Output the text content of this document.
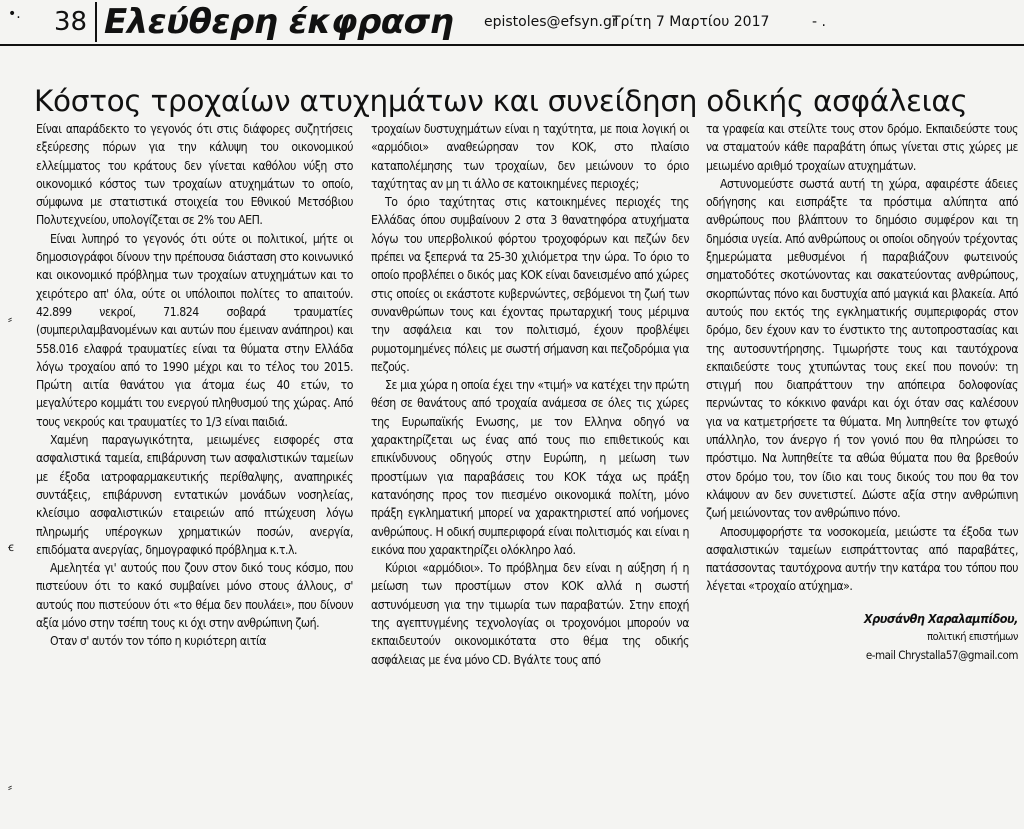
•. 38 Ελεύθερη έκφραση epistoles@efsyn.gr
Τρίτη 7 Μαρτίου 2017	- .
Κόστος τροχαίων ατυχημάτων και συνείδηση οδικής ασφάλειας

Είναι απαράδεκτο το γεγονός ότι στις διάφορες συζητήσεις εξεύρεσης πόρων για την κάλυψη του οικονομικού ελλείμματος του κράτους δεν γίνεται καθόλου νύξη στο οικονομικό κόστος των τροχαίων ατυχημάτων το οποίο, σύμφωνα με στατιστικά στοιχεία του Εθνικού Μετσόβιου Πολυτεχνείου, υπολογίζεται σε 2% του ΑΕΠ.

Είναι λυπηρό το γεγονός ότι ούτε οι πολιτικοί, μήτε οι δημοσιογράφοι δίνουν την πρέπουσα διάσταση στο κοινωνικό και οικονομικό πρόβλημα των τροχαίων ατυχημάτων και το χειρότερο απ' όλα, ούτε οι υπόλοιποι πολίτες το απαιτούν. 42.899 νεκροί, 71.824 σοβαρά τραυματίες (συμπεριλαμβανομένων και αυτών που έμειναν ανάπηροι) και 558.016 ελαφρά τραυματίες είναι τα θύματα στην Ελλάδα λόγω τροχαίου από το 1990 μέχρι και το τέλος του 2015. Πρώτη αιτία θανάτου για άτομα έως 40 ετών, το μεγαλύτερο κομμάτι του ενεργού πληθυσμού της χώρας. Από τους νεκρούς και τραυματίες το 1/3 είναι παιδιά.

Χαμένη παραγωγικότητα, μειωμένες εισφορές στα ασφαλιστικά ταμεία, επιβάρυνση των ασφαλιστικών ταμείων με έξοδα ιατροφαρμακευτικής περίθαλψης, αναπηρικές συντάξεις, επιβάρυνση εντατικών μονάδων νοσηλείας, κλείσιμο ασφαλιστικών εταιρειών από πτώχευση λόγω πληρωμής υπέρογκων χρηματικών ποσών, ανεργία, επιδόματα ανεργίας, δημογραφικό πρόβλημα κ.τ.λ.

Αμελητέα γι' αυτούς που ζουν στον δικό τους κόσμο, που πιστεύουν ότι το κακό συμβαίνει μόνο στους άλλους, σ' αυτούς που πιστεύουν ότι «το θέμα δεν πουλάει», που δίνουν αξία μόνο στην τσέπη τους κι όχι στην ανθρώπινη ζωή.

Οταν σ' αυτόν τον τόπο η κυριότερη αιτία

τροχαίων δυστυχημάτων είναι η ταχύτητα, με ποια λογική οι «αρμόδιοι» αναθεώρησαν τον ΚΟΚ, στο πλαίσιο καταπολέμησης των τροχαίων, δεν μειώνουν το όριο ταχύτητας αν μη τι άλλο σε κατοικημένες περιοχές;

Το όριο ταχύτητας στις κατοικημένες περιοχές της Ελλάδας όπου συμβαίνουν 2 στα 3 θανατηφόρα ατυχήματα λόγω του υπερβολικού φόρτου τροχοφόρων και πεζών δεν πρέπει να ξεπερνά τα 25-30 χιλιόμετρα την ώρα. Το όριο το οποίο προβλέπει ο δικός μας ΚΟΚ είναι δανεισμένο από χώρες στις οποίες οι εκάστοτε κυβερνώντες, σεβόμενοι τη ζωή των συνανθρώπων τους και έχοντας πρωταρχική τους μέριμνα την ασφάλεια και τον πολιτισμό, έχουν προβλέψει ρυμοτομημένες πόλεις με σωστή σήμανση και πεζοδρόμια για πεζούς.

Σε μια χώρα η οποία έχει την «τιμή» να κατέχει την πρώτη θέση σε θανάτους από τροχαία ανάμεσα σε όλες τις χώρες της Ευρωπαϊκής Ενωσης, με τον Ελληνα οδηγό να χαρακτηρίζεται ως ένας από τους πιο επιθετικούς και επικίνδυνους οδηγούς στην Ευρώπη, η μείωση των προστίμων για παραβάσεις του ΚΟΚ τάχα ως πράξη κατανόησης προς τον πιεσμένο οικονομικά πολίτη, μόνο πράξη εγκληματική μπορεί να χαρακτηριστεί από νοήμονες ανθρώπους. Η οδική συμπεριφορά είναι πολιτισμός και είναι η εικόνα που χαρακτηρίζει ολόκληρο λαό.

Κύριοι «αρμόδιοι». Το πρόβλημα δεν είναι η αύξηση ή η μείωση των προστίμων στον ΚΟΚ αλλά η σωστή αστυνόμευση για την τιμωρία των παραβατών. Στην εποχή της αγεπτυγμένης τεχνολογίας οι τροχονόμοι μπορούν να εκπαιδευτούν οικονομικότατα στο θέμα της οδικής ασφάλειας με ένα μόνο CD. Βγάλτε τους από

τα γραφεία και στείλτε τους στον δρόμο. Εκπαιδεύστε τους να σταματούν κάθε παραβάτη όπως γίνεται στις χώρες με μειωμένο αριθμό τροχαίων ατυχημάτων.

Αστυνομεύστε σωστά αυτή τη χώρα, αφαιρέστε άδειες οδήγησης και εισπράξτε τα πρόστιμα αλύπητα από ανθρώπους που βλάπτουν το δημόσιο συμφέρον και τη δημόσια υγεία. Από ανθρώπους οι οποίοι οδηγούν τρέχοντας ξημερώματα μεθυσμένοι ή παραβιάζουν φωτεινούς σηματοδότες σκοτώνοντας και σακατεύοντας ανθρώπους, σκορπώντας πόνο και δυστυχία από μαγκιά και βλακεία. Από αυτούς που εκτός της εγκληματικής συμπεριφοράς στον δρόμο, δεν έχουν καν το ένστικτο της αυτοπροστασίας και της αυτοσυντήρησης. Τιμωρήστε τους και ταυτόχρονα εκπαιδεύστε τους χτυπώντας τους εκεί που πονούν: τη στιγμή που διαπράττουν την απόπειρα δολοφονίας περνώντας το κόκκινο φανάρι και όχι όταν σας καλέσουν για να κατμετρήσετε τα θύματα. Μη λυπηθείτε τον φτωχό υπάλληλο, τον άνεργο ή τον γονιό που θα πληρώσει το πρόστιμο. Να λυπηθείτε τα αθώα θύματα που θα βρεθούν στον δρόμο του, τον ίδιο και τους δικούς του που θα τον κλάψουν αν δεν συνετιστεί. Δώστε αξία στην ανθρώπινη ζωή μειώνοντας τον ανθρώπινο πόνο.

Αποσυμφορήστε τα νοσοκομεία, μειώστε τα έξοδα των ασφαλιστικών ταμείων εισπράττοντας από παραβάτες, πατάσσοντας ταυτόχρονα αυτήν την κατάρα του τόπου που λέγεται «τροχαίο ατύχημα».

Χρυσάνθη Χαραλαμπίδου,
πολιτική επιστήμων
e-mail Chrystalla57@gmail.com
⸗
ꞓ
⸗
